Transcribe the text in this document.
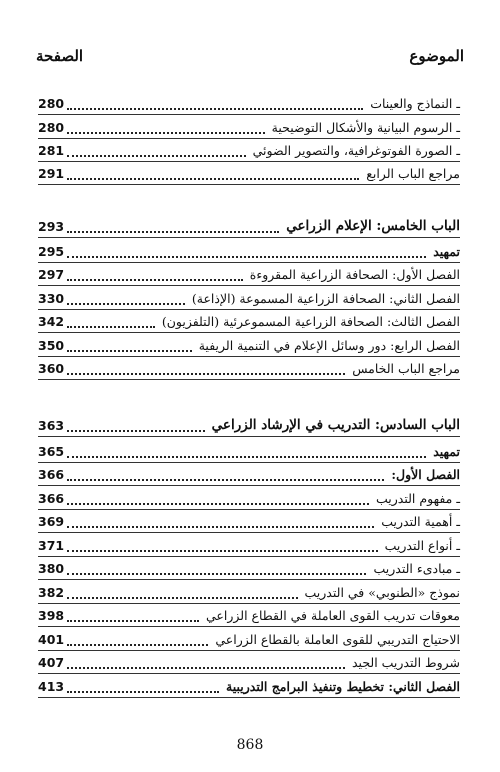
الصفحة	الموضوع
ـ النماذج والعينات
280
ـ الرسوم البيانية والأشكال التوضيحية
280
ـ الصورة الفوتوغرافية، والتصوير الضوئي
281
مراجع الباب الرابع
291
الباب الخامس: الإعلام الزراعي
293
تمهيد
295
الفصل الأول: الصحافة الزراعية المقروءة
297
الفصل الثاني: الصحافة الزراعية المسموعة (الإذاعة)
330
الفصل الثالث: الصحافة الزراعية المسموعرئية (التلفزيون)
342
الفصل الرابع: دور وسائل الإعلام في التنمية الريفية
350
مراجع الباب الخامس
360
الباب السادس: التدريب في الإرشاد الزراعي
363
تمهيد
365
الفصل الأول:
366
ـ مفهوم التدريب
366
ـ أهمية التدريب
369
ـ أنواع التدريب
371
ـ مبادىء التدريب
380
نموذج «الطنوبي» في التدريب
382
معوقات تدريب القوى العاملة في القطاع الزراعي
398
الاحتياج التدريبي للقوى العاملة بالقطاع الزراعي
401
شروط التدريب الجيد
407
الفصل الثاني: تخطيط وتنفيذ البرامج التدريبية
413
868
